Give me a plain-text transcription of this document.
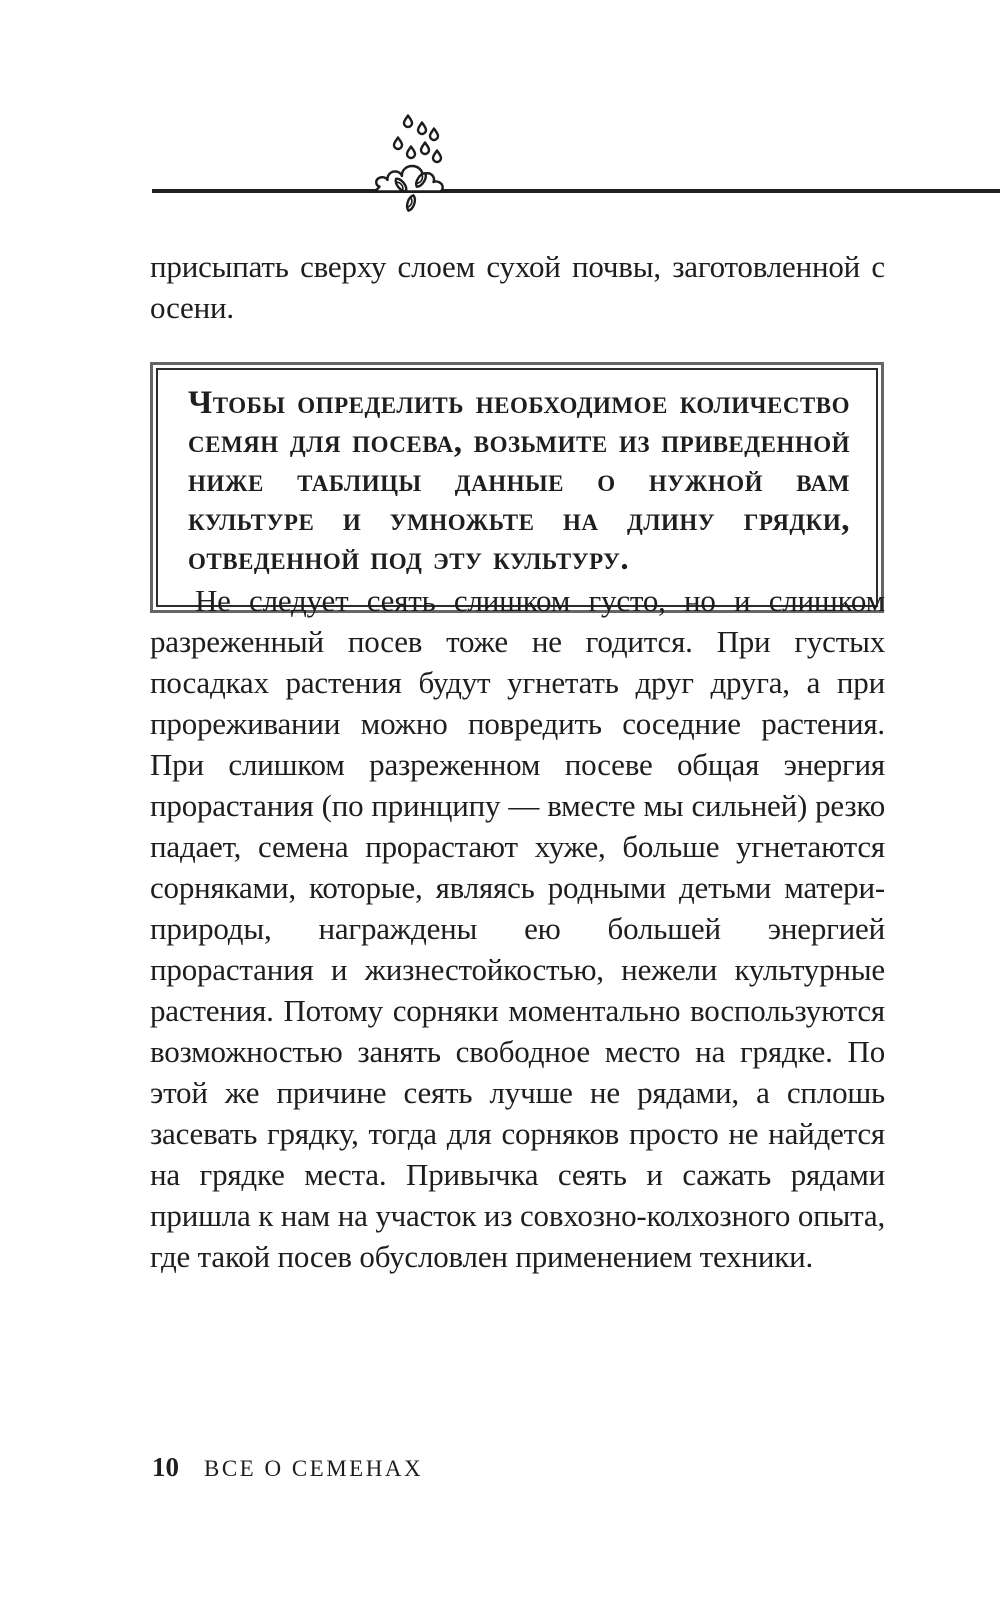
присыпать сверху слоем сухой почвы, заготовленной с осени.

Чтобы определить необходимое количество семян для посева, возьмите из приведенной ниже таблицы данные о нужной вам культуре и умножьте на длину грядки, отведенной под эту культуру.

Не следует сеять слишком густо, но и слишком разреженный посев тоже не годится. При густых посадках растения будут угнетать друг друга, а при прореживании можно повредить соседние растения. При слишком разреженном посеве общая энергия прорастания (по принципу — вместе мы сильней) резко падает, семена прорастают хуже, больше угнетаются сорняками, которые, являясь родными детьми матери-природы, награждены ею большей энергией прорастания и жизнестойкостью, нежели культурные растения. Потому сорняки моментально воспользуются возможностью занять свободное место на грядке. По этой же причине сеять лучше не рядами, а сплошь засевать грядку, тогда для сорняков просто не найдется на грядке места. Привычка сеять и сажать рядами пришла к нам на участок из совхозно-колхозного опыта, где такой посев обусловлен применением техники.

10 ВСЕ О СЕМЕНАХ
